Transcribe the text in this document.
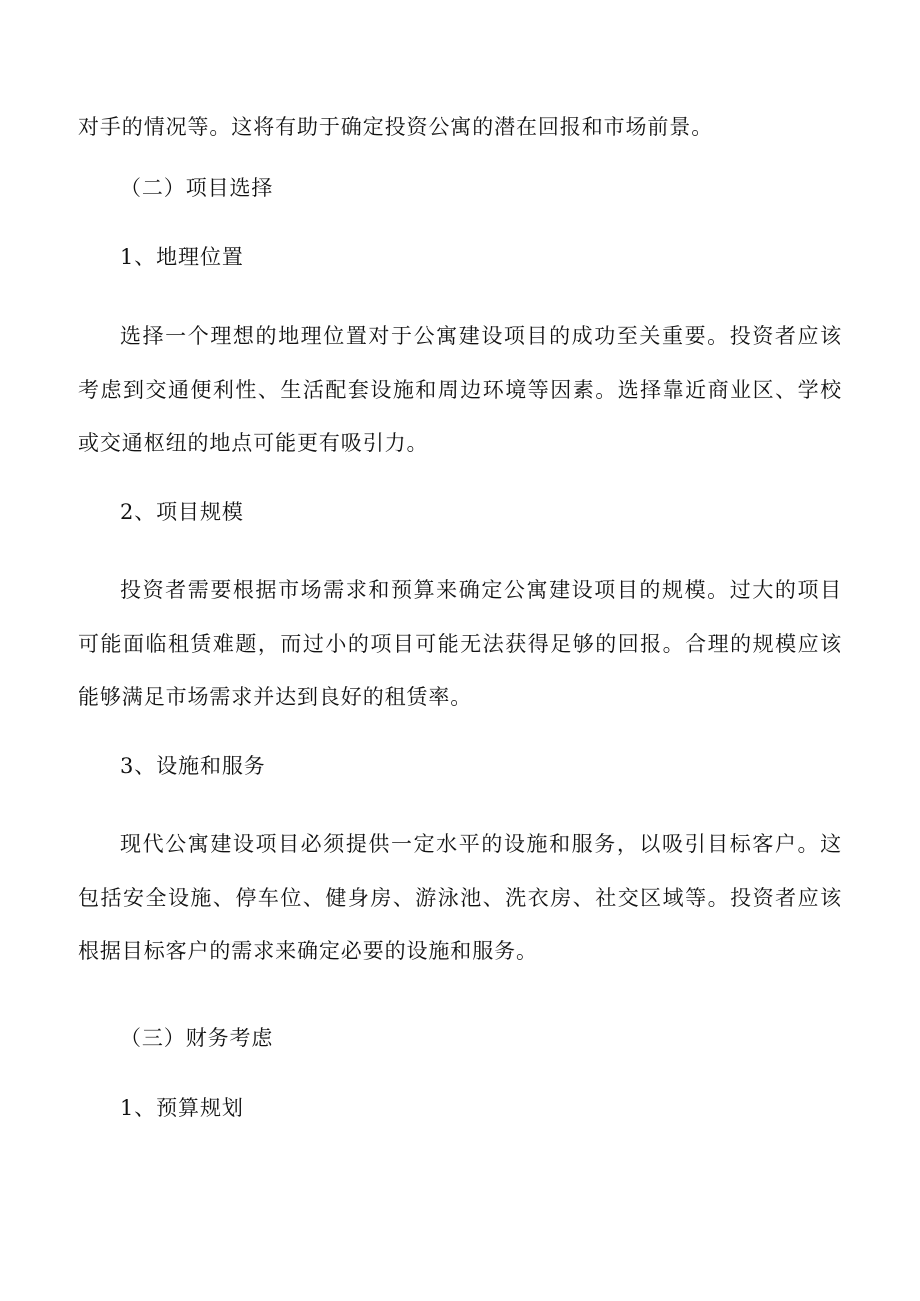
对手的情况等。这将有助于确定投资公寓的潜在回报和市场前景。

（二）项目选择

1、地理位置

选择一个理想的地理位置对于公寓建设项目的成功至关重要。投资者应该考虑到交通便利性、生活配套设施和周边环境等因素。选择靠近商业区、学校或交通枢纽的地点可能更有吸引力。

2、项目规模

投资者需要根据市场需求和预算来确定公寓建设项目的规模。过大的项目可能面临租赁难题，而过小的项目可能无法获得足够的回报。合理的规模应该能够满足市场需求并达到良好的租赁率。

3、设施和服务

现代公寓建设项目必须提供一定水平的设施和服务，以吸引目标客户。这包括安全设施、停车位、健身房、游泳池、洗衣房、社交区域等。投资者应该根据目标客户的需求来确定必要的设施和服务。

（三）财务考虑

1、预算规划
